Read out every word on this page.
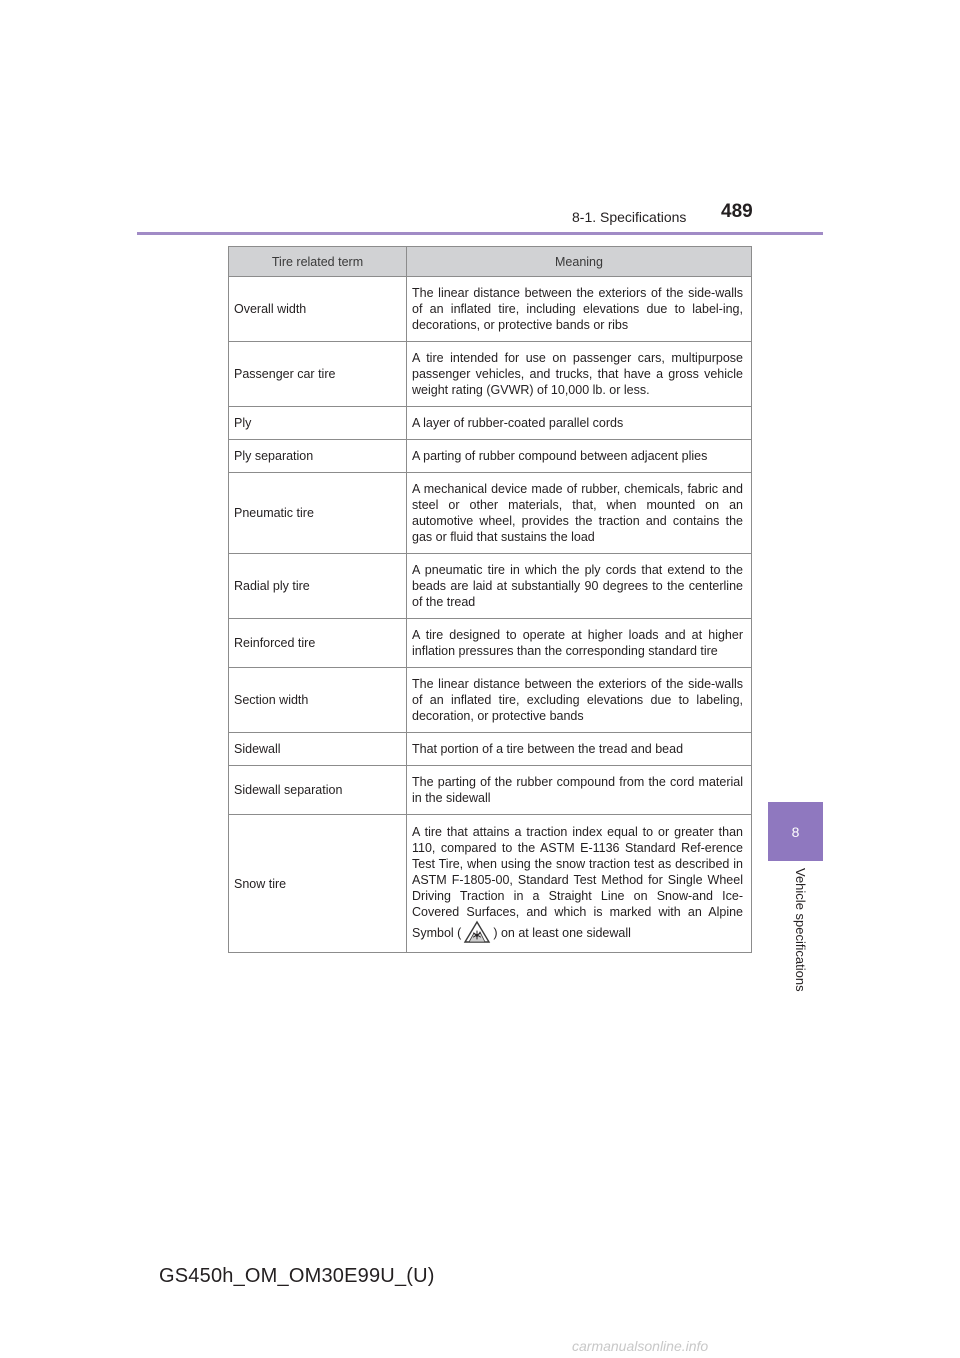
8-1. Specifications 489
8
Vehicle specifications
Tire related term	Meaning
Overall width	The linear distance between the exteriors of the side-walls of an inflated tire, including elevations due to label-ing, decorations, or protective bands or ribs
Passenger car tire	A tire intended for use on passenger cars, multipurpose passenger vehicles, and trucks, that have a gross vehicle weight rating (GVWR) of 10,000 lb. or less.
Ply	A layer of rubber-coated parallel cords
Ply separation	A parting of rubber compound between adjacent plies
Pneumatic tire	A mechanical device made of rubber, chemicals, fabric and steel or other materials, that, when mounted on an automotive wheel, provides the traction and contains the gas or fluid that sustains the load
Radial ply tire	A pneumatic tire in which the ply cords that extend to the beads are laid at substantially 90 degrees to the centerline of the tread
Reinforced tire	A tire designed to operate at higher loads and at higher inflation pressures than the corresponding standard tire
Section width	The linear distance between the exteriors of the side-walls of an inflated tire, excluding elevations due to labeling, decoration, or protective bands
Sidewall	That portion of a tire between the tread and bead
Sidewall separation	The parting of the rubber compound from the cord material in the sidewall
Snow tire	A tire that attains a traction index equal to or greater than 110, compared to the ASTM E-1136 Standard Ref-erence Test Tire, when using the snow traction test as described in ASTM F-1805-00, Standard Test Method for Single Wheel Driving Traction in a Straight Line on Snow-and Ice-Covered Surfaces, and which is marked with an Alpine Symbol ( ) on at least one sidewall
GS450h_OM_OM30E99U_(U)
carmanualsonline.info
